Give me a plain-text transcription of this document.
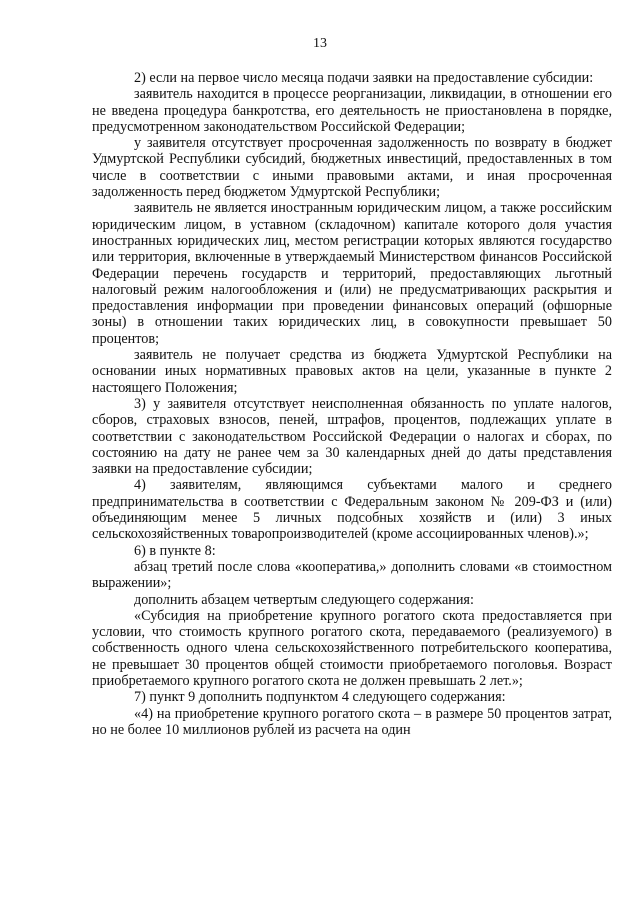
13

2) если на первое число месяца подачи заявки на предоставление субсидии:

заявитель находится в процессе реорганизации, ликвидации, в отношении его не введена процедура банкротства, его деятельность не приостановлена в порядке, предусмотренном законодательством Российской Федерации;

у заявителя отсутствует просроченная задолженность по возврату в бюджет Удмуртской Республики субсидий, бюджетных инвестиций, предоставленных в том числе в соответствии с иными правовыми актами, и иная просроченная задолженность перед бюджетом Удмуртской Республики;

заявитель не является иностранным юридическим лицом, а также российским юридическим лицом, в уставном (складочном) капитале которого доля участия иностранных юридических лиц, местом регистрации которых являются государство или территория, включенные в утверждаемый Министерством финансов Российской Федерации перечень государств и территорий, предоставляющих льготный налоговый режим налогообложения и (или) не предусматривающих раскрытия и предоставления информации при проведении финансовых операций (офшорные зоны) в отношении таких юридических лиц, в совокупности превышает 50 процентов;

заявитель не получает средства из бюджета Удмуртской Республики на основании иных нормативных правовых актов на цели, указанные в пункте 2 настоящего Положения;

3) у заявителя отсутствует неисполненная обязанность по уплате налогов, сборов, страховых взносов, пеней, штрафов, процентов, подлежащих уплате в соответствии с законодательством Российской Федерации о налогах и сборах, по состоянию на дату не ранее чем за 30 календарных дней до даты представления заявки на предоставление субсидии;

4) заявителям, являющимся субъектами малого и среднего предпринимательства в соответствии с Федеральным законом № 209-ФЗ и (или) объединяющим менее 5 личных подсобных хозяйств и (или) 3 иных сельскохозяйственных товаропроизводителей (кроме ассоциированных членов).»;

6) в пункте 8:

абзац третий после слова «кооператива,» дополнить словами «в стоимостном выражении»;

дополнить абзацем четвертым следующего содержания:

«Субсидия на приобретение крупного рогатого скота предоставляется при условии, что стоимость крупного рогатого скота, передаваемого (реализуемого) в собственность одного члена сельскохозяйственного потребительского кооператива, не превышает 30 процентов общей стоимости приобретаемого поголовья. Возраст приобретаемого крупного рогатого скота не должен превышать 2 лет.»;

7) пункт 9 дополнить подпунктом 4 следующего содержания:

«4) на приобретение крупного рогатого скота – в размере 50 процентов затрат, но не более 10 миллионов рублей из расчета на один
